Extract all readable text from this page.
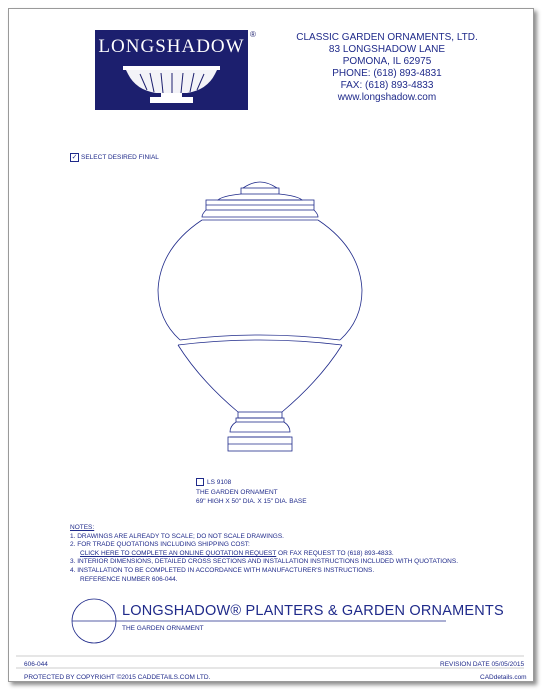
LONGSHADOW
®	CLASSIC GARDEN ORNAMENTS, LTD.
83 LONGSHADOW LANE
POMONA, IL 62975
PHONE: (618) 893-4831
FAX: (618) 893-4833
www.longshadow.com
✓ SELECT DESIRED FINIAL
LS 9108
THE GARDEN ORNAMENT
69" HIGH X 50" DIA. X 15" DIA. BASE
NOTES:
1. DRAWINGS ARE ALREADY TO SCALE; DO NOT SCALE DRAWINGS.
2. FOR TRADE QUOTATIONS INCLUDING SHIPPING COST:
CLICK HERE TO COMPLETE AN ONLINE QUOTATION REQUEST OR FAX REQUEST TO (618) 893-4833.
3. INTERIOR DIMENSIONS, DETAILED CROSS SECTIONS AND INSTALLATION INSTRUCTIONS INCLUDED WITH QUOTATIONS.
4. INSTALLATION TO BE COMPLETED IN ACCORDANCE WITH MANUFACTURER'S INSTRUCTIONS.
REFERENCE NUMBER 606-044.
LONGSHADOW® PLANTERS & GARDEN ORNAMENTS
THE GARDEN ORNAMENT
606-044	REVISION DATE 05/05/2015
PROTECTED BY COPYRIGHT ©2015 CADDETAILS.COM LTD.	CADdetails.com
